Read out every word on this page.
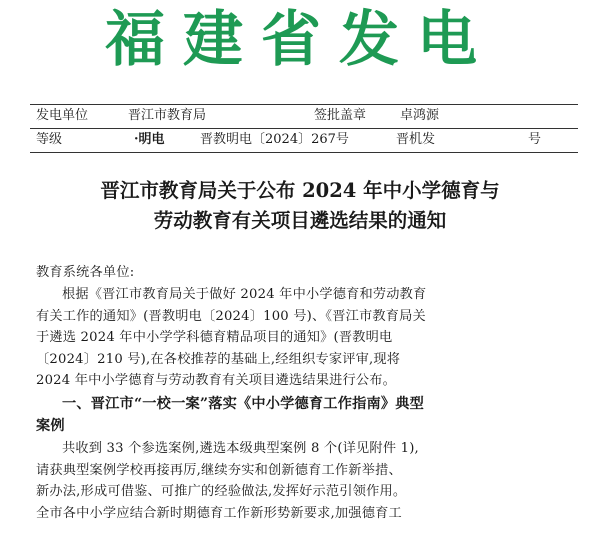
福建省发电
发电单位	晋江市教育局	签批盖章	卓鸿源
等级	·明电	晋教明电〔2024〕267号	晋机发	号
晋江市教育局关于公布 2024 年中小学德育与
劳动教育有关项目遴选结果的通知
教育系统各单位:
根据《晋江市教育局关于做好 2024 年中小学德育和劳动教育
有关工作的通知》(晋教明电〔2024〕100 号)、《晋江市教育局关
于遴选 2024 年中小学学科德育精品项目的通知》(晋教明电
〔2024〕210 号),在各校推荐的基础上,经组织专家评审,现将
2024 年中小学德育与劳动教育有关项目遴选结果进行公布。
一、晋江市“一校一案”落实《中小学德育工作指南》典型
案例
共收到 33 个参选案例,遴选本级典型案例 8 个(详见附件 1),
请获典型案例学校再接再厉,继续夯实和创新德育工作新举措、
新办法,形成可借鉴、可推广的经验做法,发挥好示范引领作用。
全市各中小学应结合新时期德育工作新形势新要求,加强德育工
